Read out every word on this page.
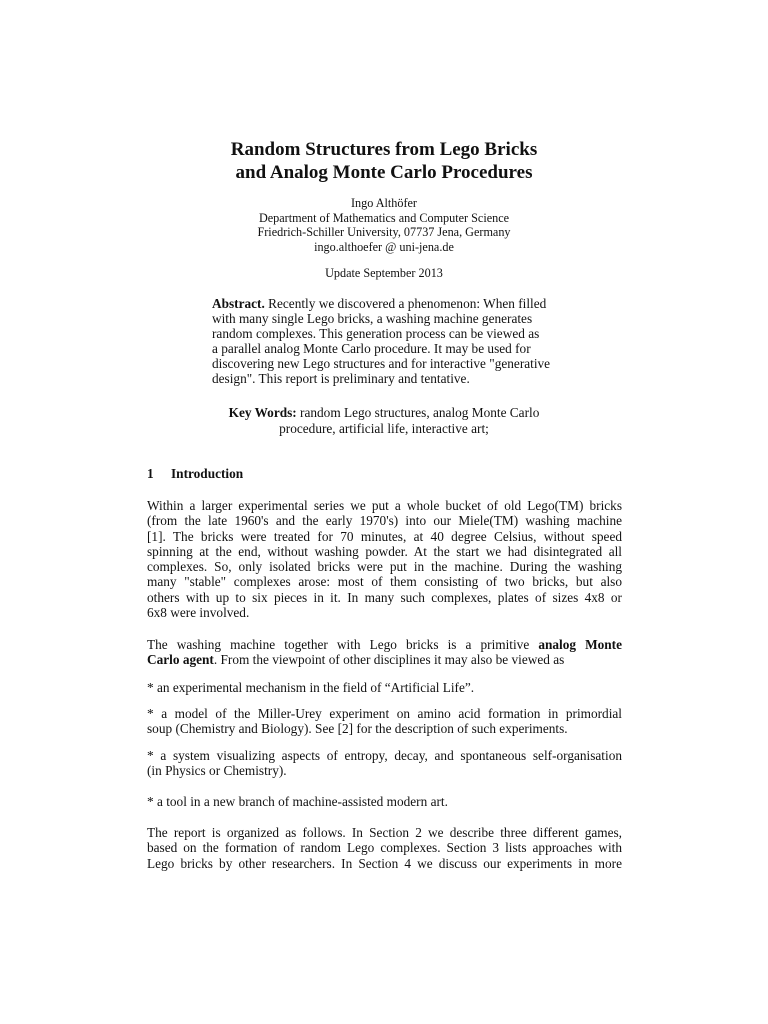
Random Structures from Lego Bricks
and Analog Monte Carlo Procedures
Ingo Althöfer
Department of Mathematics and Computer Science
Friedrich-Schiller University, 07737 Jena, Germany
ingo.althoefer @ uni-jena.de
Update September 2013
Abstract. Recently we discovered a phenomenon: When filled
with many single Lego bricks, a washing machine generates
random complexes. This generation process can be viewed as
a parallel analog Monte Carlo procedure. It may be used for
discovering new Lego structures and for interactive "generative
design". This report is preliminary and tentative.
Key Words: random Lego structures, analog Monte Carlo
procedure, artificial life, interactive art;
1 Introduction
Within a larger experimental series we put a whole bucket of old Lego(TM) bricks
(from the late 1960's and the early 1970's) into our Miele(TM) washing machine
[1]. The bricks were treated for 70 minutes, at 40 degree Celsius, without speed
spinning at the end, without washing powder. At the start we had disintegrated all
complexes. So, only isolated bricks were put in the machine. During the washing
many "stable" complexes arose: most of them consisting of two bricks, but also
others with up to six pieces in it. In many such complexes, plates of sizes 4x8 or
6x8 were involved.
The washing machine together with Lego bricks is a primitive analog Monte
Carlo agent. From the viewpoint of other disciplines it may also be viewed as
* an experimental mechanism in the field of “Artificial Life”.
* a model of the Miller-Urey experiment on amino acid formation in primordial
soup (Chemistry and Biology). See [2] for the description of such experiments.
* a system visualizing aspects of entropy, decay, and spontaneous self-organisation
(in Physics or Chemistry).
* a tool in a new branch of machine-assisted modern art.
The report is organized as follows. In Section 2 we describe three different games,
based on the formation of random Lego complexes. Section 3 lists approaches with
Lego bricks by other researchers. In Section 4 we discuss our experiments in more
